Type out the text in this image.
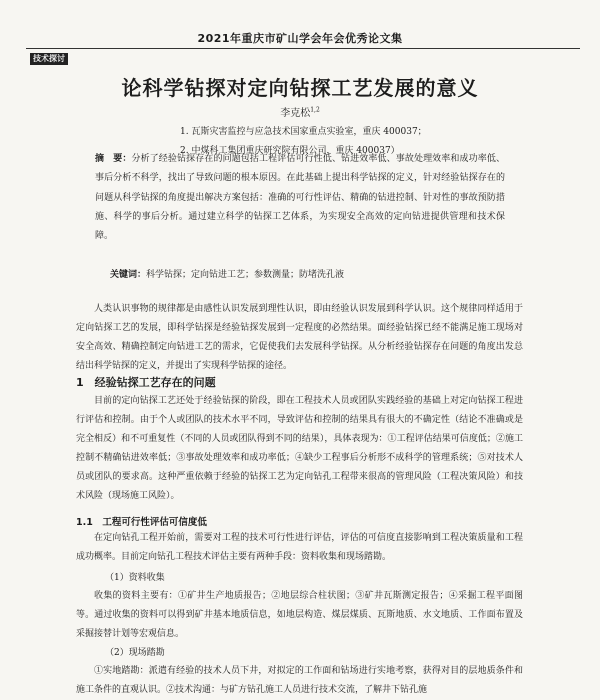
2021年重庆市矿山学会年会优秀论文集
技术探讨
论科学钻探对定向钻探工艺发展的意义
李克松$^{1,2}$
1. 瓦斯灾害监控与应急技术国家重点实验室，重庆 400037；
2. 中煤科工集团重庆研究院有限公司，重庆 400037）
摘　要：分析了经验钻探存在的问题包括工程评估可行性低、钻进效率低、事故处理效率和成功率低、事后分析不科学，找出了导致问题的根本原因。在此基础上提出科学钻探的定义，针对经验钻探存在的问题从科学钻探的角度提出解决方案包括：准确的可行性评估、精确的钻进控制、针对性的事故预防措施、科学的事后分析。通过建立科学的钻探工艺体系，为实现安全高效的定向钻进提供管理和技术保障。
关键词：科学钻探；定向钻进工艺；参数测量；防堵洗孔液
人类认识事物的规律都是由感性认识发展到理性认识，即由经验认识发展到科学认识。这个规律同样适用于定向钻探工艺的发展，即科学钻探是经验钻探发展到一定程度的必然结果。面经验钻探已经不能满足施工现场对安全高效、精确控制定向钻进工艺的需求，它促使我们去发展科学钻探。从分析经验钻探存在问题的角度出发总结出科学钻探的定义，并提出了实现科学钻探的途径。
1　经验钻探工艺存在的问题
目前的定向钻探工艺还处于经验钻探的阶段，即在工程技术人员或团队实践经验的基础上对定向钻探工程进行评估和控制。由于个人或团队的技术水平不同，导致评估和控制的结果具有很大的不确定性（结论不准确或是完全相反）和不可重复性（不同的人员或团队得到不同的结果），具体表现为：①工程评估结果可信度低；②施工控制不精确钻进效率低；③事故处理效率和成功率低；④缺少工程事后分析形不成科学的管理系统；⑤对技术人员或团队的要求高。这种严重依赖于经验的钻探工艺为定向钻孔工程带来很高的管理风险（工程决策风险）和技术风险（现场施工风险）。
1.1　工程可行性评估可信度低
在定向钻孔工程开始前，需要对工程的技术可行性进行评估，评估的可信度直接影响到工程决策质量和工程成功概率。目前定向钻孔工程技术评估主要有两种手段：资料收集和现场踏勘。
（1）资料收集
收集的资料主要有：①矿井生产地质报告；②地层综合柱状图；③矿井瓦斯测定报告；④采掘工程平面图等。通过收集的资料可以得到矿井基本地质信息，如地层构造、煤层煤质、瓦斯地质、水文地质、工作面布置及采掘接替计划等宏观信息。
（2）现场踏勘
①实地踏勘：派遣有经验的技术人员下井，对拟定的工作面和钻场进行实地考察，获得对目的层地质条件和施工条件的直观认识。②技术沟通：与矿方钻孔施工人员进行技术交流，了解井下钻孔施
